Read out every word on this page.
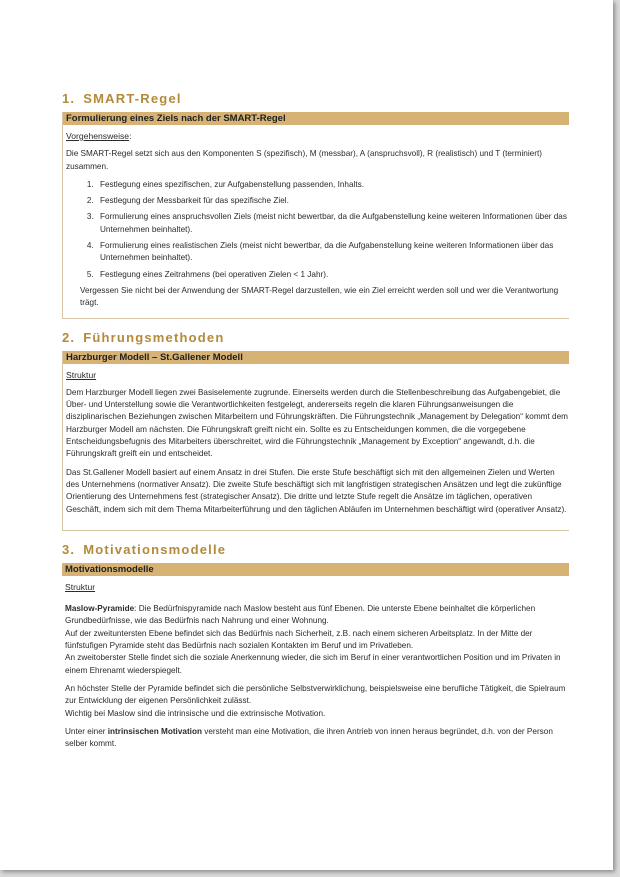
1. SMART-Regel
Formulierung eines Ziels nach der SMART-Regel
Vorgehensweise:

Die SMART-Regel setzt sich aus den Komponenten S (spezifisch), M (messbar), A (anspruchsvoll), R (realistisch) und T (terminiert) zusammen.

1. Festlegung eines spezifischen, zur Aufgabenstellung passenden, Inhalts.
2. Festlegung der Messbarkeit für das spezifische Ziel.
3. Formulierung eines anspruchsvollen Ziels (meist nicht bewertbar, da die Aufgabenstellung keine weiteren Informationen über das Unternehmen beinhaltet).
4. Formulierung eines realistischen Ziels (meist nicht bewertbar, da die Aufgabenstellung keine weiteren Informationen über das Unternehmen beinhaltet).
5. Festlegung eines Zeitrahmens (bei operativen Zielen < 1 Jahr).

Vergessen Sie nicht bei der Anwendung der SMART-Regel darzustellen, wie ein Ziel erreicht werden soll und wer die Verantwortung trägt.

2. Führungsmethoden
Harzburger Modell – St.Gallener Modell
Struktur

Dem Harzburger Modell liegen zwei Basiselemente zugrunde. Einerseits werden durch die Stellenbeschreibung das Aufgabengebiet, die Über- und Unterstellung sowie die Verantwortlichkeiten festgelegt, andererseits regeln die klaren Führungsanweisungen die disziplinarischen Beziehungen zwischen Mitarbeitern und Führungskräften. Die Führungstechnik „Management by Delegation“ kommt dem Harzburger Modell am nächsten. Die Führungskraft greift nicht ein. Sollte es zu Entscheidungen kommen, die die vorgegebene Entscheidungsbefugnis des Mitarbeiters überschreitet, wird die Führungstechnik „Management by Exception“ angewandt, d.h. die Führungskraft greift ein und entscheidet.

Das St.Gallener Modell basiert auf einem Ansatz in drei Stufen. Die erste Stufe beschäftigt sich mit den allgemeinen Zielen und Werten des Unternehmens (normativer Ansatz). Die zweite Stufe beschäftigt sich mit langfristigen strategischen Ansätzen und legt die zukünftige Orientierung des Unternehmens fest (strategischer Ansatz). Die dritte und letzte Stufe regelt die Ansätze im täglichen, operativen Geschäft, indem sich mit dem Thema Mitarbeiterführung und den täglichen Abläufen im Unternehmen beschäftigt wird (operativer Ansatz).

3. Motivationsmodelle
Motivationsmodelle
Struktur

Maslow-Pyramide: Die Bedürfnispyramide nach Maslow besteht aus fünf Ebenen. Die unterste Ebene beinhaltet die körperlichen Grundbedürfnisse, wie das Bedürfnis nach Nahrung und einer Wohnung.
Auf der zweituntersten Ebene befindet sich das Bedürfnis nach Sicherheit, z.B. nach einem sicheren Arbeitsplatz. In der Mitte der fünfstufigen Pyramide steht das Bedürfnis nach sozialen Kontakten im Beruf und im Privatleben.
An zweitoberster Stelle findet sich die soziale Anerkennung wieder, die sich im Beruf in einer verantwortlichen Position und im Privaten in einem Ehrenamt wiederspiegelt.

An höchster Stelle der Pyramide befindet sich die persönliche Selbstverwirklichung, beispielsweise eine berufliche Tätigkeit, die Spielraum zur Entwicklung der eigenen Persönlichkeit zulässt.
Wichtig bei Maslow sind die intrinsische und die extrinsische Motivation.

Unter einer intrinsischen Motivation versteht man eine Motivation, die ihren Antrieb von innen heraus begründet, d.h. von der Person selber kommt.
